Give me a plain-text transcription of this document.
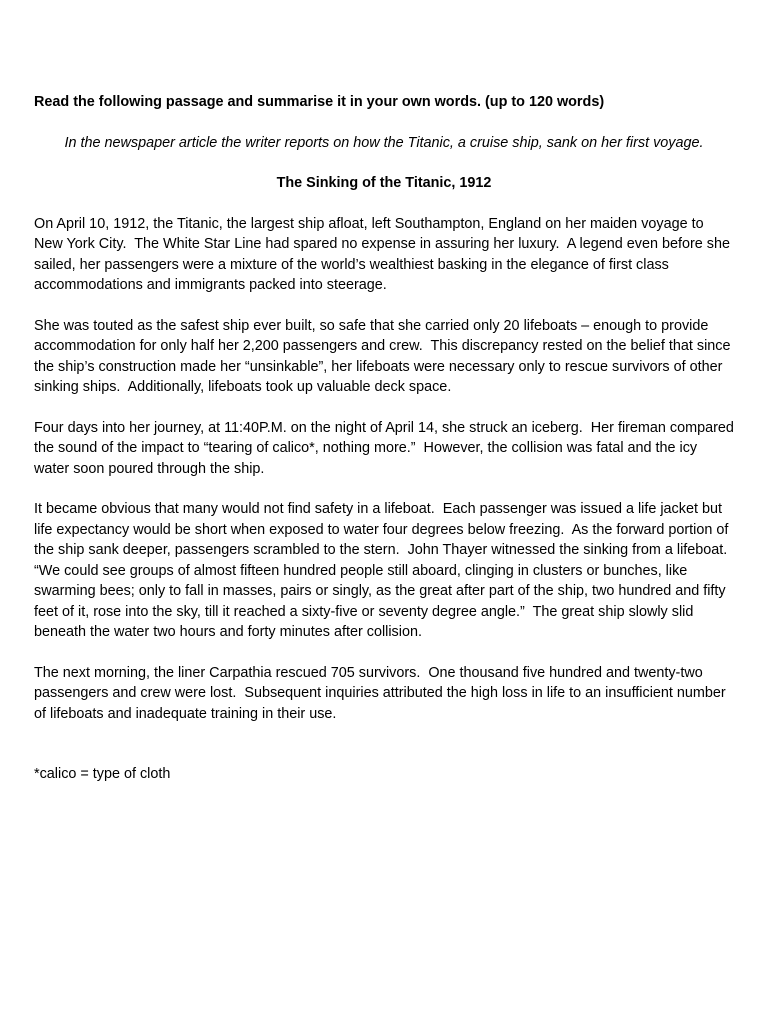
Read the following passage and summarise it in your own words. (up to 120 words)

In the newspaper article the writer reports on how the Titanic, a cruise ship, sank on her first voyage.

The Sinking of the Titanic, 1912

On April 10, 1912, the Titanic, the largest ship afloat, left Southampton, England on her maiden voyage to New York City.  The White Star Line had spared no expense in assuring her luxury.  A legend even before she sailed, her passengers were a mixture of the world’s wealthiest basking in the elegance of first class accommodations and immigrants packed into steerage.

She was touted as the safest ship ever built, so safe that she carried only 20 lifeboats – enough to provide accommodation for only half her 2,200 passengers and crew.  This discrepancy rested on the belief that since the ship’s construction made her “unsinkable”, her lifeboats were necessary only to rescue survivors of other sinking ships.  Additionally, lifeboats took up valuable deck space.

Four days into her journey, at 11:40P.M. on the night of April 14, she struck an iceberg.  Her fireman compared the sound of the impact to “tearing of calico*, nothing more.”  However, the collision was fatal and the icy water soon poured through the ship.

It became obvious that many would not find safety in a lifeboat.  Each passenger was issued a life jacket but life expectancy would be short when exposed to water four degrees below freezing.  As the forward portion of the ship sank deeper, passengers scrambled to the stern.  John Thayer witnessed the sinking from a lifeboat.  “We could see groups of almost fifteen hundred people still aboard, clinging in clusters or bunches, like swarming bees; only to fall in masses, pairs or singly, as the great after part of the ship, two hundred and fifty feet of it, rose into the sky, till it reached a sixty-five or seventy degree angle.”  The great ship slowly slid beneath the water two hours and forty minutes after collision.

The next morning, the liner Carpathia rescued 705 survivors.  One thousand five hundred and twenty-two passengers and crew were lost.  Subsequent inquiries attributed the high loss in life to an insufficient number of lifeboats and inadequate training in their use.

*calico = type of cloth
